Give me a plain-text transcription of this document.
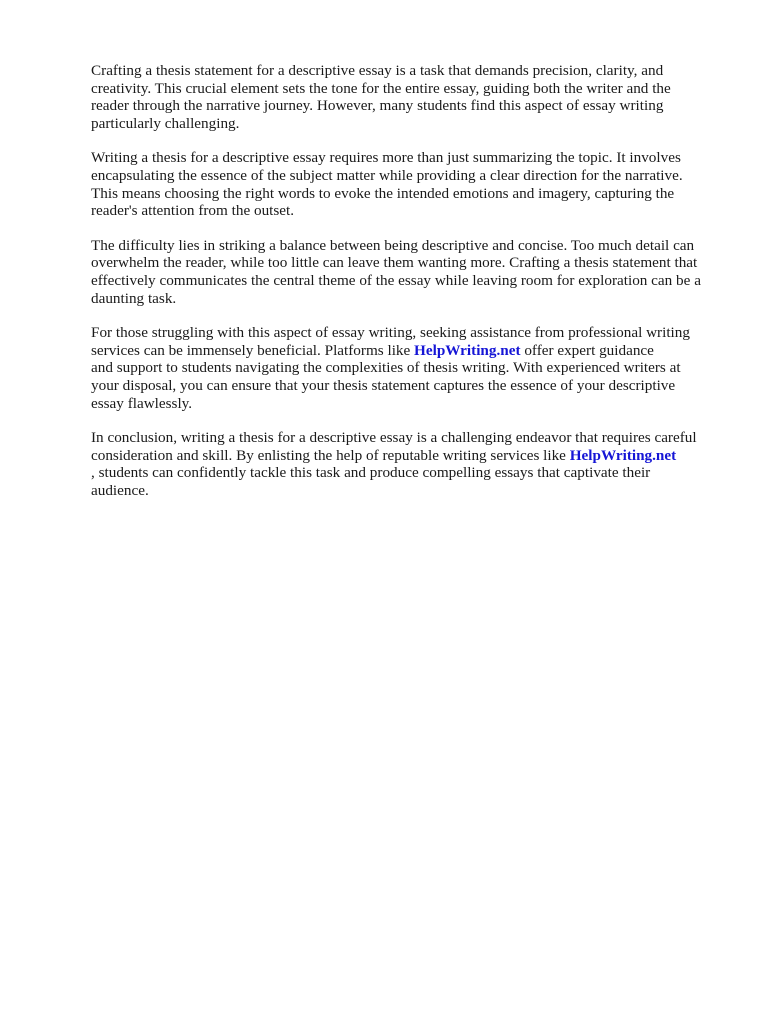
Crafting a thesis statement for a descriptive essay is a task that demands precision, clarity, and
creativity. This crucial element sets the tone for the entire essay, guiding both the writer and the
reader through the narrative journey. However, many students find this aspect of essay writing
particularly challenging.

Writing a thesis for a descriptive essay requires more than just summarizing the topic. It involves
encapsulating the essence of the subject matter while providing a clear direction for the narrative.
This means choosing the right words to evoke the intended emotions and imagery, capturing the
reader's attention from the outset.

The difficulty lies in striking a balance between being descriptive and concise. Too much detail can
overwhelm the reader, while too little can leave them wanting more. Crafting a thesis statement that
effectively communicates the central theme of the essay while leaving room for exploration can be a
daunting task.

For those struggling with this aspect of essay writing, seeking assistance from professional writing
services can be immensely beneficial. Platforms like HelpWriting.net offer expert guidance
and support to students navigating the complexities of thesis writing. With experienced writers at
your disposal, you can ensure that your thesis statement captures the essence of your descriptive
essay flawlessly.

In conclusion, writing a thesis for a descriptive essay is a challenging endeavor that requires careful
consideration and skill. By enlisting the help of reputable writing services like HelpWriting.net
, students can confidently tackle this task and produce compelling essays that captivate their
audience.
